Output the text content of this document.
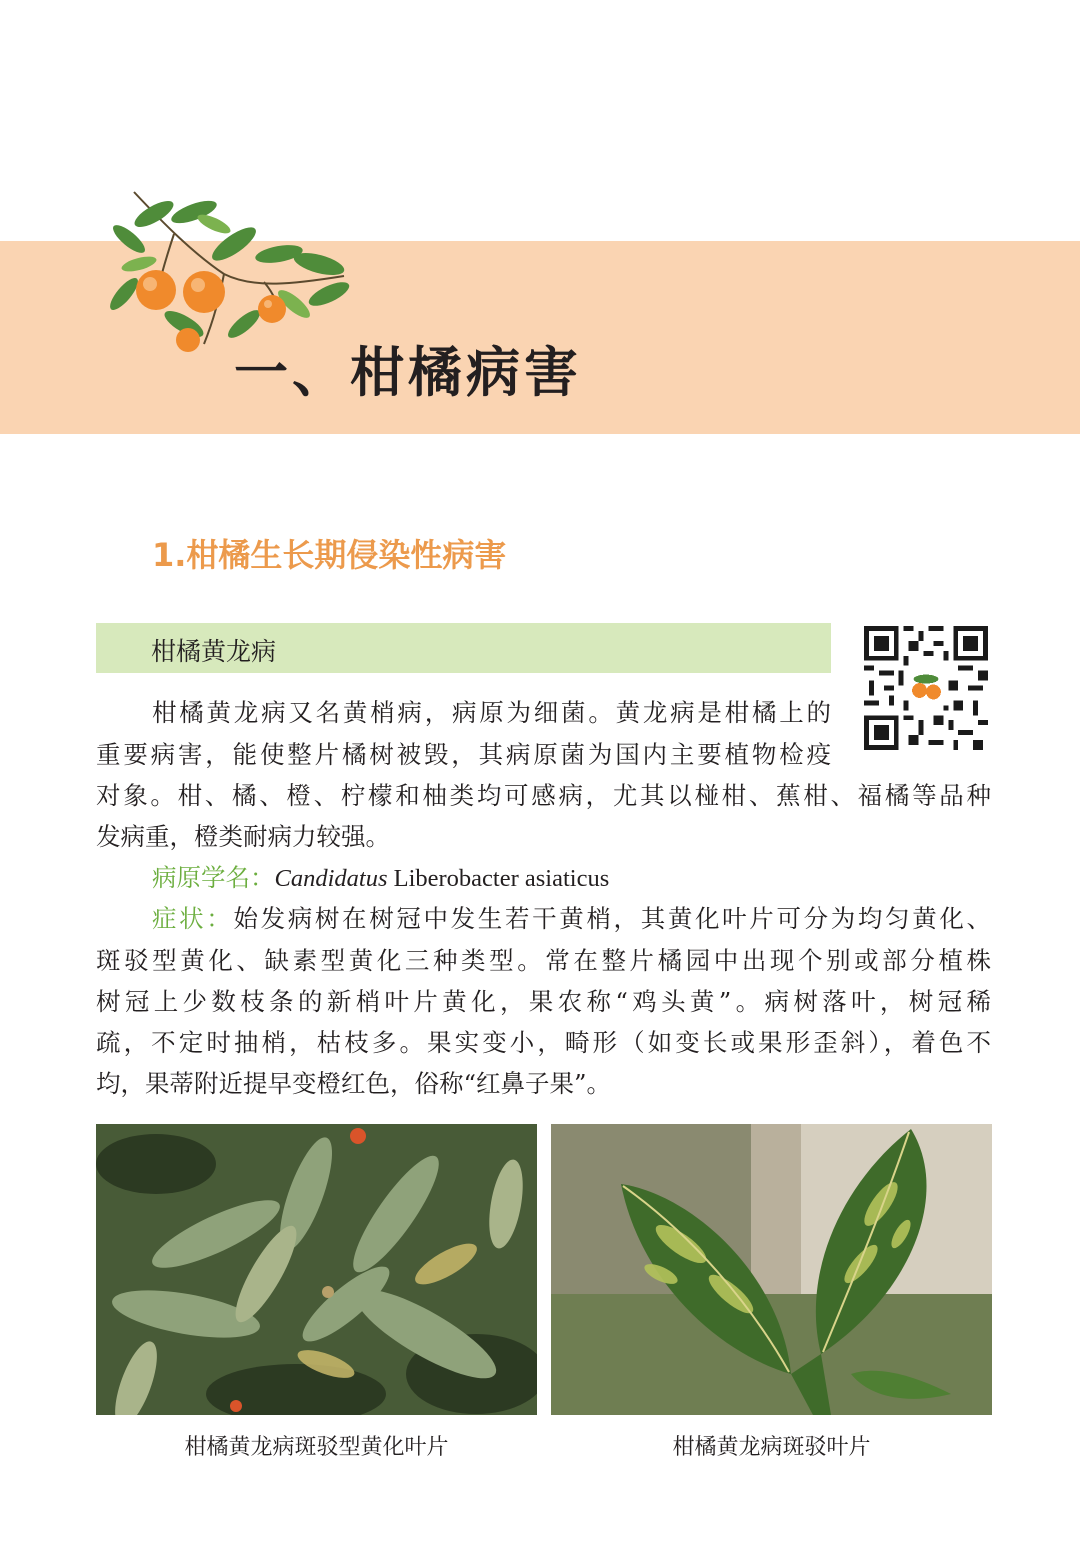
一、柑橘病害
1.柑橘生长期侵染性病害
柑橘黄龙病
柑橘黄龙病又名黄梢病，病原为细菌。黄龙病是柑橘上的
重要病害，能使整片橘树被毁，其病原菌为国内主要植物检疫
对象。柑、橘、橙、柠檬和柚类均可感病，尤其以椪柑、蕉柑、福橘等品种
发病重，橙类耐病力较强。
病原学名：Candidatus Liberobacter asiaticus
症状：始发病树在树冠中发生若干黄梢，其黄化叶片可分为均匀黄化、
斑驳型黄化、缺素型黄化三种类型。常在整片橘园中出现个别或部分植株
树冠上少数枝条的新梢叶片黄化，果农称“鸡头黄”。病树落叶，树冠稀
疏，不定时抽梢，枯枝多。果实变小，畸形（如变长或果形歪斜），着色不
均，果蒂附近提早变橙红色，俗称“红鼻子果”。
柑橘黄龙病斑驳型黄化叶片	柑橘黄龙病斑驳叶片
